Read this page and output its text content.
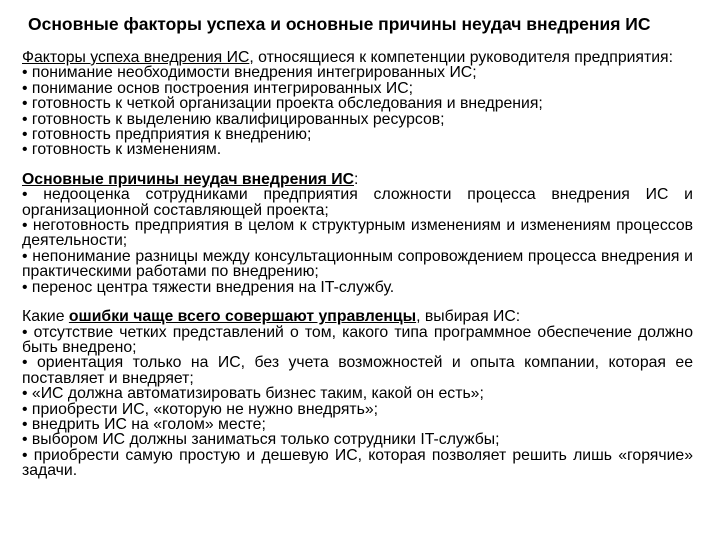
Основные факторы успеха и основные причины неудач внедрения ИС

Факторы успеха внедрения ИС, относящиеся к компетенции руководителя предприятия:

• понимание необходимости внедрения интегрированных ИС;

• понимание основ построения интегрированных ИС;

• готовность к четкой организации проекта обследования и внедрения;

• готовность к выделению квалифицированных ресурсов;

• готовность предприятия к внедрению;

• готовность к изменениям.

Основные причины неудач внедрения ИС:

• недооценка сотрудниками предприятия сложности процесса внедрения ИС и организационной составляющей проекта;

• неготовность предприятия в целом к структурным изменениям и изменениям процессов деятельности;

• непонимание разницы между консультационным сопровождением процесса внедрения и практическими работами по внедрению;

• перенос центра тяжести внедрения на IT-службу.

Какие ошибки чаще всего совершают управленцы, выбирая ИС:

• отсутствие четких представлений о том, какого типа программное обеспечение должно быть внедрено;

• ориентация только на ИС, без учета возможностей и опыта компании, которая ее поставляет и внедряет;

• «ИС должна автоматизировать бизнес таким, какой он есть»;

• приобрести ИС, «которую не нужно внедрять»;

• внедрить ИС на «голом» месте;

• выбором ИС должны заниматься только сотрудники IT-службы;

• приобрести самую простую и дешевую ИС, которая позволяет решить лишь «горячие» задачи.
